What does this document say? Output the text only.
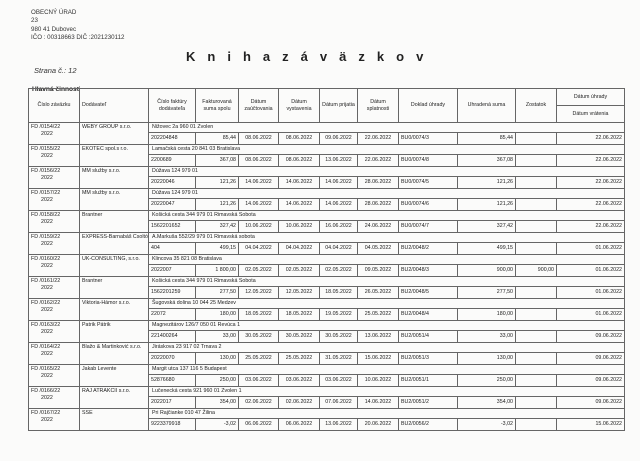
OBECNÝ ÚRAD
23
980 41 Dubovec
IČO : 00318663 DIČ :2021230112
K n i h a z á v ä z k o v
Strana č.: 12
Hlavná činnosť
Číslo záväzku	Dodávateľ	Číslo faktúry dodávateľa	Fakturovaná suma spolu	Dátum zaúčtovania	Dátum vystavenia	Dátum prijatia	Dátum splatnosti	Doklad úhrady	Uhradená suma	Zostatok	Dátum úhrady
											Dátum vrátenia
FD /0154/22
2022	WEBY GROUP s.r.o.	Nižovec 2a 960 01 Zvolen									
		202204848	85,44	08.06.2022	08.06.2022	09.06.2022	22.06.2022	BU0/0074/3	85,44		22.06.2022
FD /0155/22
2022	EKOTEC spol.s r.o.	Lamačská cesta 20 841 03 Bratislava									
		2200689	367,08	08.06.2022	08.06.2022	13.06.2022	22.06.2022	BU0/0074/8	367,08		22.06.2022
FD /0156/22
2022	MM služby s.r.o.	Dúžava 124 979 01									
		20220046	121,26	14.06.2022	14.06.2022	14.06.2022	28.06.2022	BU0/0074/5	121,26		22.06.2022
FD /0157/22
2022	MM služby s.r.o.	Dúžava 124 979 01									
		20220047	121,26	14.06.2022	14.06.2022	14.06.2022	28.06.2022	BU0/0074/6	121,26		22.06.2022
FD /0158/22
2022	Brantner	Košická cesta 344 979 01 Rimavská Sobota									
		1562201652	327,42	10.06.2022	10.06.2022	16.06.2022	24.06.2022	BU0/0074/7	327,42		22.06.2022
FD /0159/22
2022	EXPRESS-Barnabáš Csoltó	A.Markuša 552/29 979 01 Rimavská sobota									
		404	499,15	04.04.2022	04.04.2022	04.04.2022	04.05.2022	BU2/0048/2	499,15		01.06.2022
FD /0160/22
2022	UK-CONSULTING, s.r.o.	Klincova 35 821 08 Bratislava									
		2022007	1 800,00	02.05.2022	02.05.2022	02.05.2022	09.05.2022	BU2/0048/3	900,00	900,00	01.06.2022
FD /0161/22
2022	Brantner	Košická cesta 344 979 01 Rimavská Sobota									
		1562201259	277,50	12.05.2022	12.05.2022	18.05.2022	26.05.2022	BU2/0048/5	277,50		01.06.2022
FD /0162/22
2022	Viktoria-Hámor s.r.o.	Šugovská dolina 10 044 25 Medzev									
		22072	180,00	18.05.2022	18.05.2022	19.05.2022	25.05.2022	BU2/0048/4	180,00		01.06.2022
FD /0163/22
2022	Patrik Pátrik	Magnezitárov 126/7 050 01 Revúca 1									
		221400264	33,00	30.05.2022	30.05.2022	30.05.2022	13.06.2022	BU2/0051/4	33,00		09.06.2022
FD /0164/22
2022	Blažo & Martinković s.r.o.	Jiráskova 23 917 02 Trnava 2									
		20220070	130,00	25.05.2022	25.05.2022	31.05.2022	15.06.2022	BU2/0051/3	130,00		09.06.2022
FD /0165/22
2022	Jakab Levente	Margit utca 137 116 5 Budapest									
		52876680	250,00	03.06.2022	03.06.2022	03.06.2022	10.06.2022	BU2/0051/1	250,00		09.06.2022
FD /0166/22
2022	RAJ ATRAKCII s.r.o.	Lučenecká cesta 921 960 01 Zvolen 1									
		2022017	354,00	02.06.2022	02.06.2022	07.06.2022	14.06.2022	BU2/0051/2	354,00		09.06.2022
FD /0167/22
2022	SSE	Pri Rajčianke 010 47 Žilina									
		9223379918	-3,02	06.06.2022	06.06.2022	13.06.2022	20.06.2022	BU2/0056/2	-3,02		15.06.2022
